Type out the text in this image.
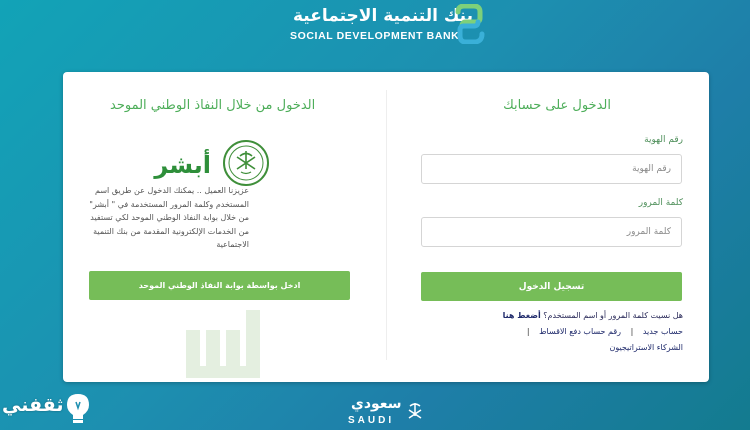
بنك التنمية الاجتماعية
SOCIAL DEVELOPMENT BANK
الدخول على حسابك
رقم الهوية
رقم الهوية
كلمة المرور
تسجيل الدخول
هل نسيت كلمة المرور أو اسم المستخدم؟ أضغط هنا
حساب جديد | رقم حساب دفع الاقساط |
الشركاء الاستراتيجيون
الدخول من خلال النفاذ الوطني الموحد
أبشر
عزيزنا العميل .. يمكنك الدخول عن طريق اسم المستخدم وكلمة المرور المستخدمة في " أبشر" من خلال بوابة النفاذ الوطني الموحد لكي تستفيد من الخدمات الإلكترونية المقدمة من بنك التنمية الاجتماعية
ادخل بواسطة بوابة النفاذ الوطني الموحد
سعودي
SAUDI
ثقفني
